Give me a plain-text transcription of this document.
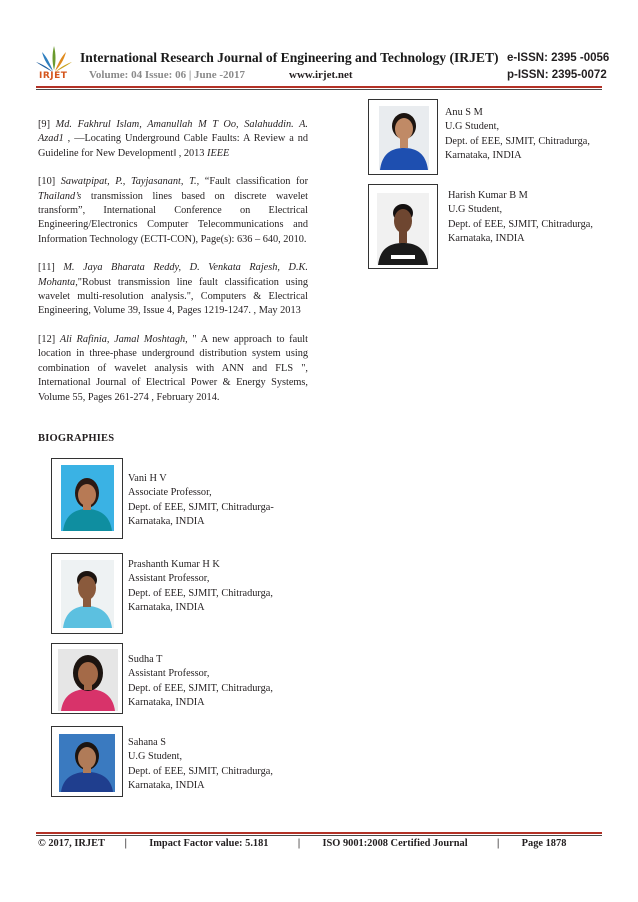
IRJET
International Research Journal of Engineering and Technology (IRJET) e-ISSN: 2395 -0056
Volume: 04 Issue: 06 | June -2017	www.irjet.net	p-ISSN: 2395-0072

[9] Md. Fakhrul Islam, Amanullah M T Oo, Salahuddin. A. Azad1 , —Locating Underground Cable Faults: A Review a nd Guideline for New Development‖ , 2013 IEEE

[10] Sawatpipat, P., Tayjasanant, T., “Fault classification for Thailand’s transmission lines based on discrete wavelet transform”, International Conference on Electrical Engineering/Electronics Computer Telecommunications and Information Technology (ECTI-CON), Page(s): 636 – 640, 2010.

[11] M. Jaya Bharata Reddy, D. Venkata Rajesh, D.K. Mohanta,"Robust transmission line fault classification using wavelet multi-resolution analysis.", Computers & Electrical Engineering, Volume 39, Issue 4, Pages 1219-1247. , May 2013

[12] Ali Rafinia, Jamal Moshtagh, " A new approach to fault location in three-phase underground distribution system using combination of wavelet analysis with ANN and FLS ", International Journal of Electrical Power & Energy Systems, Volume 55, Pages 261-274 , February 2014.

BIOGRAPHIES
Vani H V
Associate Professor,
Dept. of EEE, SJMIT, Chitradurga-
Karnataka, INDIA
Prashanth Kumar H K
Assistant Professor,
Dept. of EEE, SJMIT, Chitradurga,
Karnataka, INDIA
Sudha T
Assistant Professor,
Dept. of EEE, SJMIT, Chitradurga,
Karnataka, INDIA
Sahana S
U.G Student,
Dept. of EEE, SJMIT, Chitradurga,
Karnataka, INDIA
Anu S M
U.G Student,
Dept. of EEE, SJMIT, Chitradurga,
Karnataka, INDIA
Harish Kumar B M
U.G Student,
Dept. of EEE, SJMIT, Chitradurga,
Karnataka, INDIA
© 2017, IRJET | Impact Factor value: 5.181	| ISO 9001:2008 Certified Journal	| Page 1878
